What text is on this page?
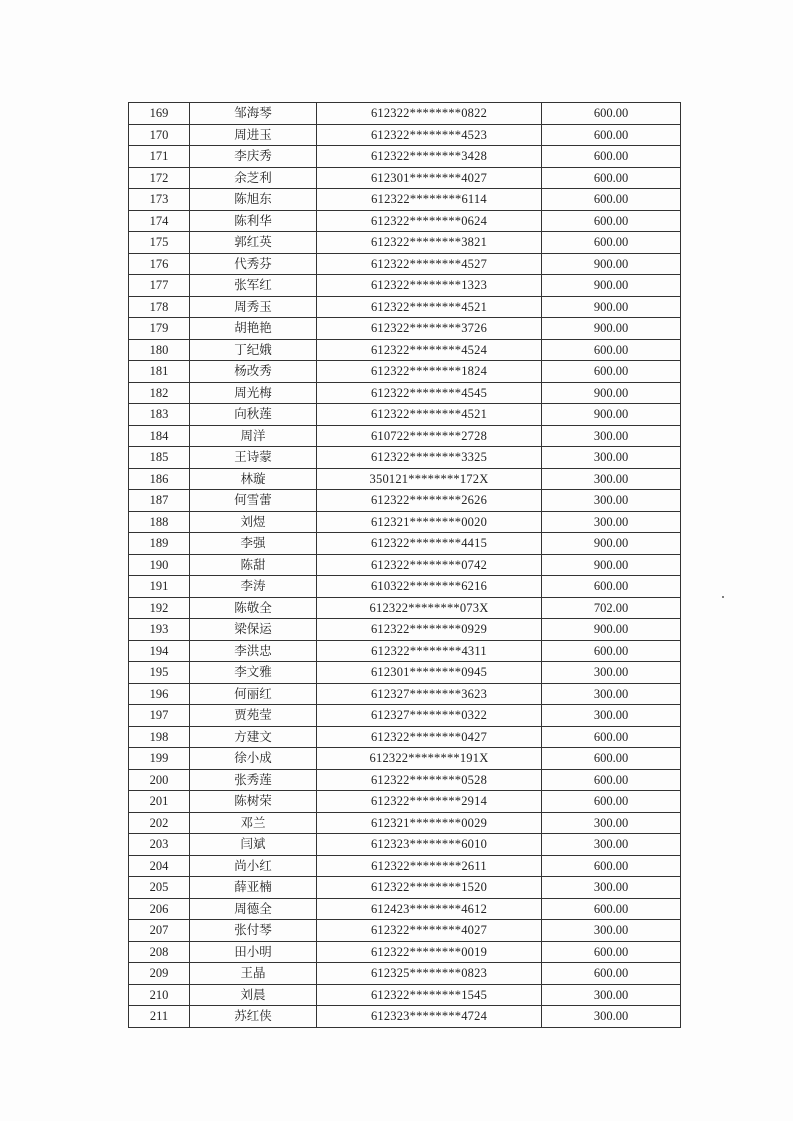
169	邹海琴	612322********0822	600.00
170	周进玉	612322********4523	600.00
171	李庆秀	612322********3428	600.00
172	余芝利	612301********4027	600.00
173	陈旭东	612322********6114	600.00
174	陈利华	612322********0624	600.00
175	郭红英	612322********3821	600.00
176	代秀芬	612322********4527	900.00
177	张军红	612322********1323	900.00
178	周秀玉	612322********4521	900.00
179	胡艳艳	612322********3726	900.00
180	丁纪娥	612322********4524	600.00
181	杨改秀	612322********1824	600.00
182	周光梅	612322********4545	900.00
183	向秋莲	612322********4521	900.00
184	周洋	610722********2728	300.00
185	王诗蒙	612322********3325	300.00
186	林璇	350121********172X	300.00
187	何雪蕾	612322********2626	300.00
188	刘煜	612321********0020	300.00
189	李强	612322********4415	900.00
190	陈甜	612322********0742	900.00
191	李涛	610322********6216	600.00
192	陈敬全	612322********073X	702.00
193	梁保运	612322********0929	900.00
194	李洪忠	612322********4311	600.00
195	李文雅	612301********0945	300.00
196	何丽红	612327********3623	300.00
197	贾苑莹	612327********0322	300.00
198	方建文	612322********0427	600.00
199	徐小成	612322********191X	600.00
200	张秀莲	612322********0528	600.00
201	陈树荣	612322********2914	600.00
202	邓兰	612321********0029	300.00
203	闫斌	612323********6010	300.00
204	尚小红	612322********2611	600.00
205	薛亚楠	612322********1520	300.00
206	周德全	612423********4612	600.00
207	张付琴	612322********4027	300.00
208	田小明	612322********0019	600.00
209	王晶	612325********0823	600.00
210	刘晨	612322********1545	300.00
211	苏红侠	612323********4724	300.00
